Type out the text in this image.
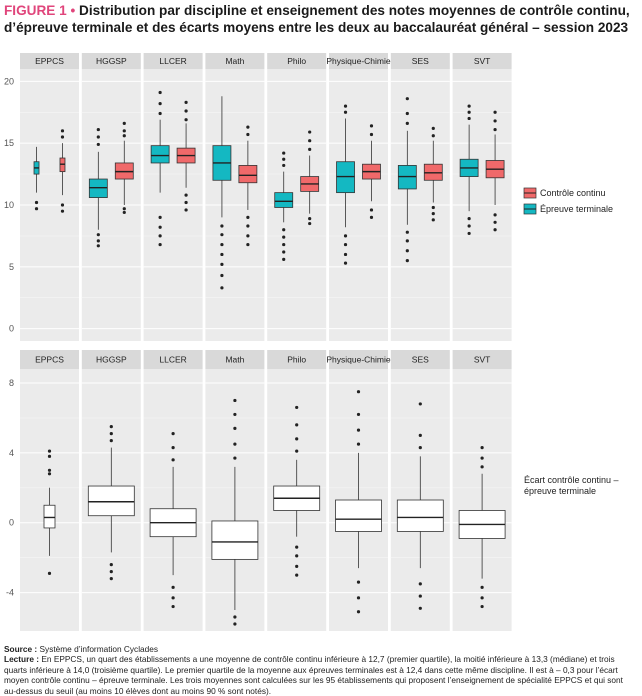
FIGURE 1 • Distribution par discipline et enseignement des notes moyennes de contrôle continu, d’épreuve terminale et des écarts moyens entre les deux au baccalauréat général – session 2023
EPPCS	HGGSP	LLCER	Math	Philo Physique-Chimie SES	SVT
0
5
10
15
20
EPPCS	HGGSP	LLCER	Math	Philo Physique-Chimie SES	SVT
-4
0
4
8
Contrôle continu
Épreuve terminale
Écart contrôle continu –
épreuve terminale
Source : Système d’information Cyclades
Lecture : En EPPCS, un quart des établissements a une moyenne de contrôle continu inférieure à 12,7 (premier quartile), la moitié inférieure à 13,3 (médiane) et trois quarts inférieure à 14,0 (troisième quartile). Le premier quartile de la moyenne aux épreuves terminales est à 12,4 dans cette même discipline. Il est à – 0,3 pour l’écart moyen contrôle continu – épreuve terminale. Les trois moyennes sont calculées sur les 95 établissements qui proposent l’enseignement de spécialité EPPCS et qui sont au-dessus du seuil (au moins 10 élèves dont au moins 90 % sont notés).
